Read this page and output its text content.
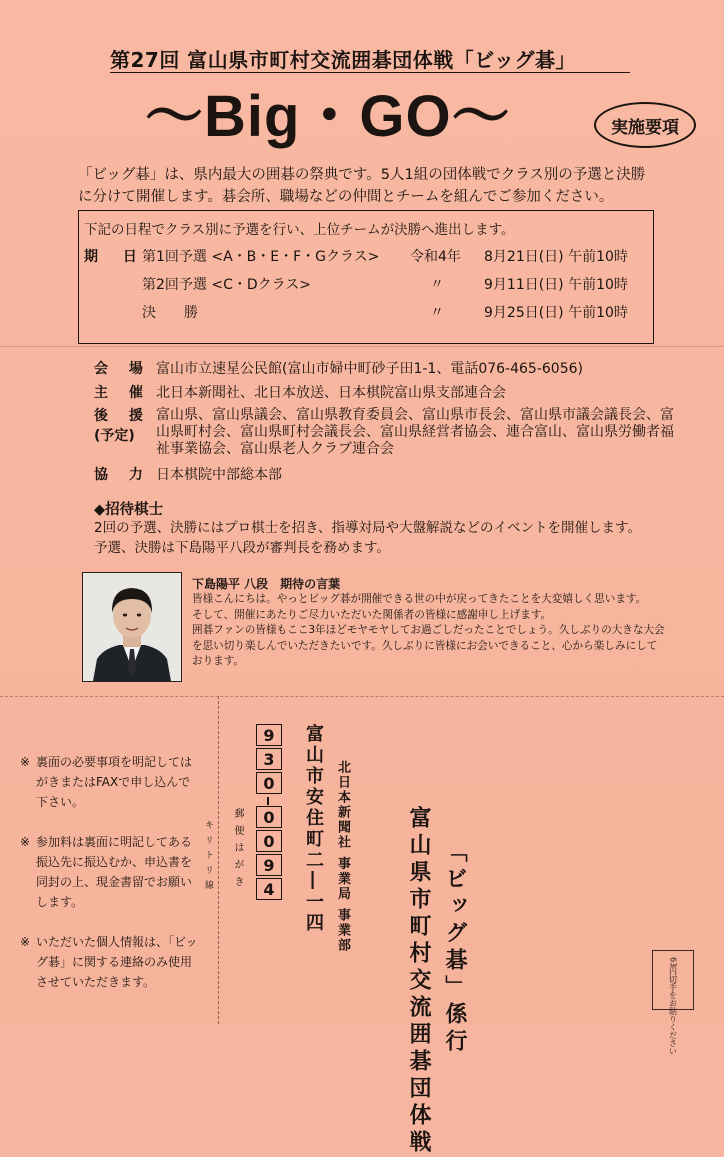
第27回 富山県市町村交流囲碁団体戦「ビッグ碁」
〜Big・GO〜	実施要項
「ビッグ碁」は、県内最大の囲碁の祭典です。5人1組の団体戦でクラス別の予選と決勝
に分けて開催します。碁会所、職場などの仲間とチームを組んでご参加ください。
下記の日程でクラス別に予選を行い、上位チームが決勝へ進出します。
期 日
第1回予選 <A・B・E・F・Gクラス> 令和4年 8月21日(日) 午前10時
第2回予選 <C・Dクラス>	〃	9月11日(日) 午前10時
決　　勝	〃	9月25日(日) 午前10時
会 場 富山市立速星公民館(富山市婦中町砂子田1-1、電話076-465-6056)
主 催 北日本新聞社、北日本放送、日本棋院富山県支部連合会
後 援
(予定)
富山県、富山県議会、富山県教育委員会、富山県市長会、富山県市議会議長会、富山県町村会、富山県町村会議長会、富山県経営者協会、連合富山、富山県労働者福祉事業協会、富山県老人クラブ連合会
協 力 日本棋院中部総本部
◆招待棋士
2回の予選、決勝にはプロ棋士を招き、指導対局や大盤解説などのイベントを開催します。
予選、決勝は下島陽平八段が審判長を務めます。
下島陽平 八段　期待の言葉
皆様こんにちは。やっとビッグ碁が開催できる世の中が戻ってきたことを大変嬉しく思います。
そして、開催にあたりご尽力いただいた関係者の皆様に感謝申し上げます。
囲碁ファンの皆様もここ3年ほどモヤモヤしてお過ごしだったことでしょう。久しぶりの大きな大会
を思い切り楽しんでいただきたいです。久しぶりに皆様にお会いできること、心から楽しみにして
おります。
※ 裏面の必要事項を明記してはがきまたはFAXで申し込んで下さい。
※ 参加料は裏面に明記してある振込先に振込むか、申込書を同封の上、現金書留でお願いします。
※ いただいた個人情報は、「ビッグ碁」に関する連絡のみ使用させていただきます。
キリトリ線 郵便はがき
9
3
0
0
0
9
4	富山市安住町二―一四 北日本新聞社 事業局 事業部	富山県市町村交流囲碁団体戦 「ビッグ碁」係行	63円切手をお貼りください
